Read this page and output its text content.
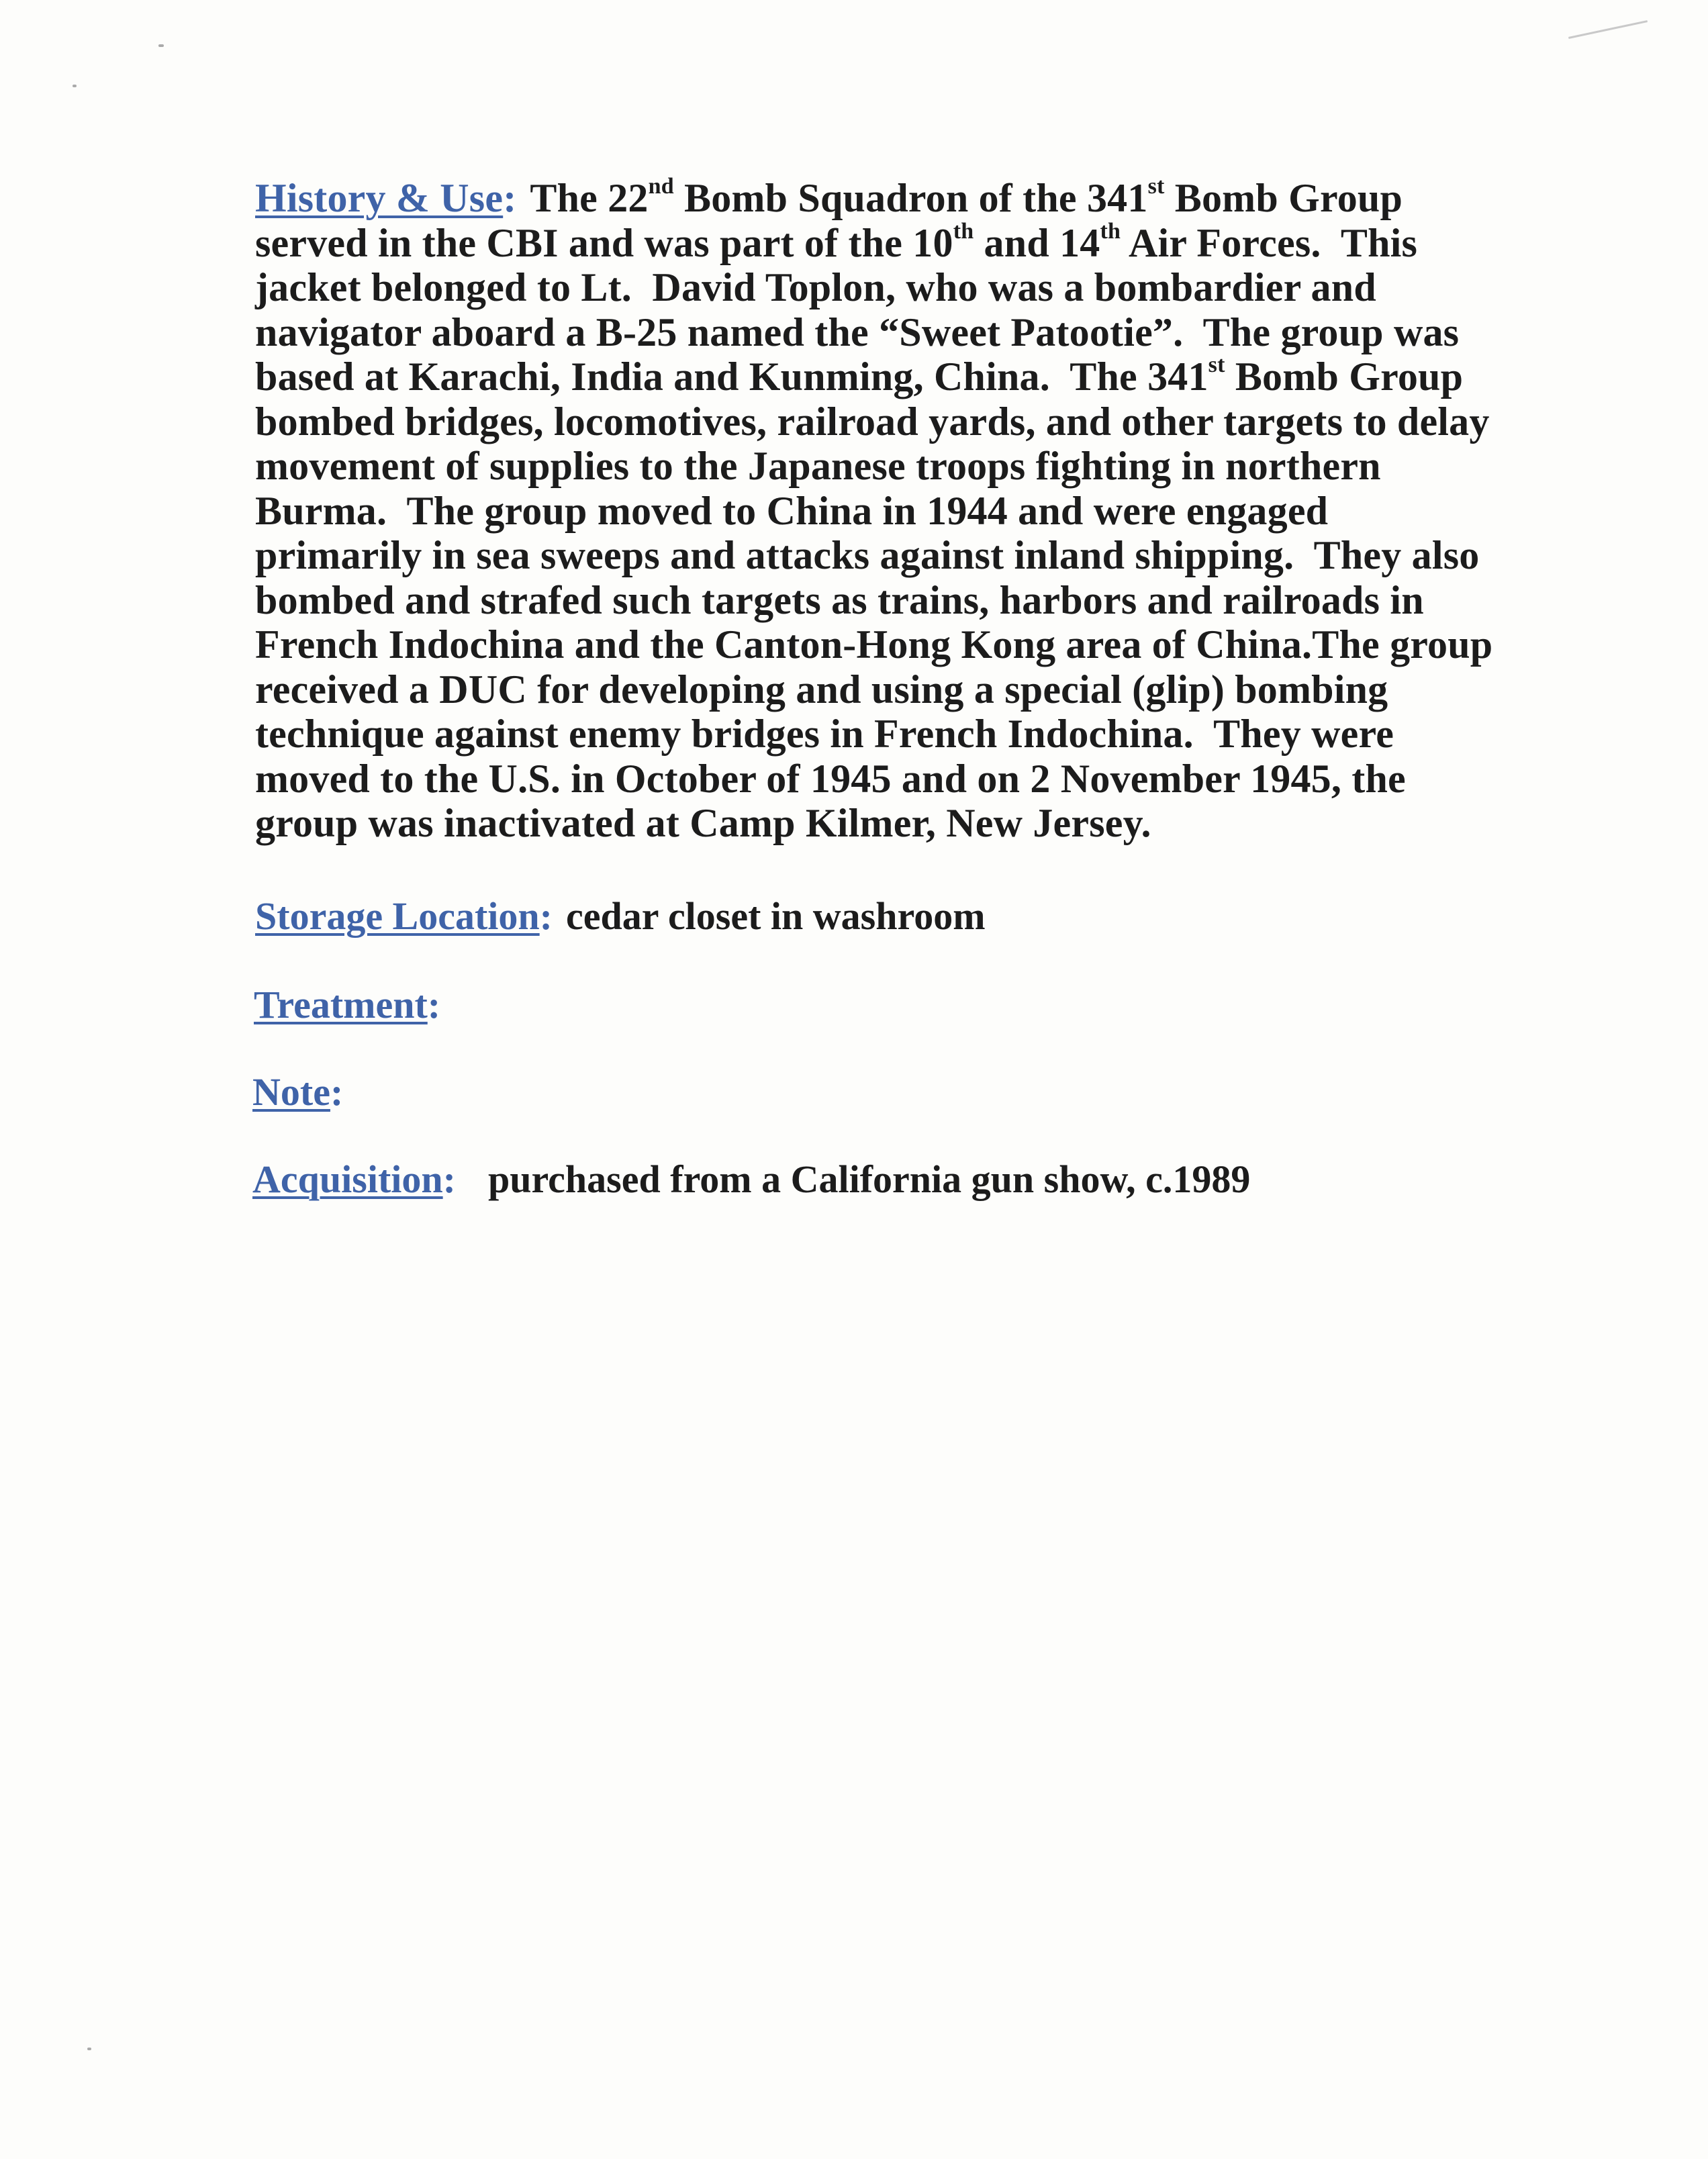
History & Use: The 22nd Bomb Squadron of the 341st Bomb Group
served in the CBI and was part of the 10th and 14th Air Forces.  This
jacket belonged to Lt.  David Toplon, who was a bombardier and
navigator aboard a B-25 named the “Sweet Patootie”.  The group was
based at Karachi, India and Kunming, China.  The 341st Bomb Group
bombed bridges, locomotives, railroad yards, and other targets to delay
movement of supplies to the Japanese troops fighting in northern
Burma.  The group moved to China in 1944 and were engaged
primarily in sea sweeps and attacks against inland shipping.  They also
bombed and strafed such targets as trains, harbors and railroads in
French Indochina and the Canton-Hong Kong area of China.The group
received a DUC for developing and using a special (glip) bombing
technique against enemy bridges in French Indochina.  They were
moved to the U.S. in October of 1945 and on 2 November 1945, the
group was inactivated at Camp Kilmer, New Jersey.
Storage Location: cedar closet in washroom
Treatment:
Note:
Acquisition: purchased from a California gun show, c.1989
